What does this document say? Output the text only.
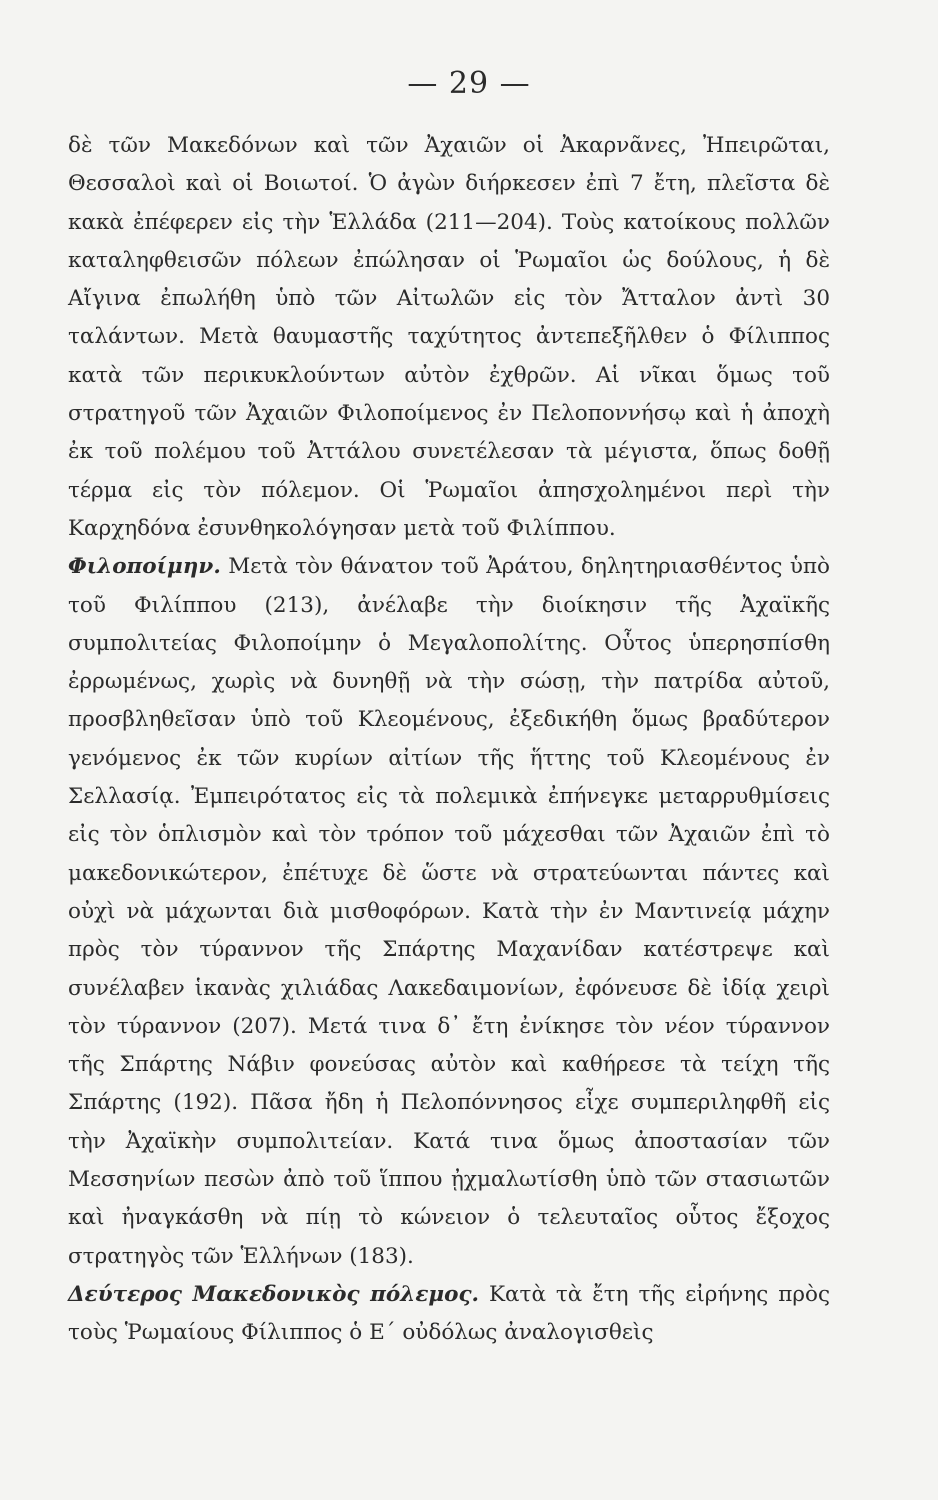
— 29 —

δὲ τῶν Μακεδόνων καὶ τῶν Ἀχαιῶν οἱ Ἀκαρνᾶνες, Ἠπειρῶται, Θεσσαλοὶ καὶ οἱ Βοιωτοί. Ὁ ἀγὼν διήρκεσεν ἐπὶ 7 ἔτη, πλεῖστα δὲ κακὰ ἐπέφερεν εἰς τὴν Ἑλλάδα (211—204). Τοὺς κατοίκους πολλῶν καταληφθεισῶν πόλεων ἐπώλησαν οἱ Ῥωμαῖοι ὡς δούλους, ἡ δὲ Αἴγινα ἐπωλήθη ὑπὸ τῶν Αἰτωλῶν εἰς τὸν Ἄτταλον ἀντὶ 30 ταλάντων. Μετὰ θαυμαστῆς ταχύτητος ἀντεπεξῆλθεν ὁ Φίλιππος κατὰ τῶν περικυκλούντων αὐτὸν ἐχθρῶν. Αἱ νῖκαι ὅμως τοῦ στρατηγοῦ τῶν Ἀχαιῶν Φιλοποίμενος ἐν Πελοποννήσῳ καὶ ἡ ἀποχὴ ἐκ τοῦ πολέμου τοῦ Ἀττάλου συνετέλεσαν τὰ μέγιστα, ὅπως δοθῇ τέρμα εἰς τὸν πόλεμον. Οἱ Ῥωμαῖοι ἀπησχολημένοι περὶ τὴν Καρχηδόνα ἐσυνθηκολόγησαν μετὰ τοῦ Φιλίππου.

Φιλοποίμην. Μετὰ τὸν θάνατον τοῦ Ἀράτου, δηλητηριασθέντος ὑπὸ τοῦ Φιλίππου (213), ἀνέλαβε τὴν διοίκησιν τῆς Ἀχαϊκῆς συμπολιτείας Φιλοποίμην ὁ Μεγαλοπολίτης. Οὗτος ὑπερησπίσθη ἐρρωμένως, χωρὶς νὰ δυνηθῇ νὰ τὴν σώσῃ, τὴν πατρίδα αὐτοῦ, προσβληθεῖσαν ὑπὸ τοῦ Κλεομένους, ἐξεδικήθη ὅμως βραδύτερον γενόμενος ἐκ τῶν κυρίων αἰτίων τῆς ἥττης τοῦ Κλεομένους ἐν Σελλασίᾳ. Ἐμπειρότατος εἰς τὰ πολεμικὰ ἐπήνεγκε μεταρρυθμίσεις εἰς τὸν ὁπλισμὸν καὶ τὸν τρόπον τοῦ μάχεσθαι τῶν Ἀχαιῶν ἐπὶ τὸ μακεδονικώτερον, ἐπέτυχε δὲ ὥστε νὰ στρατεύωνται πάντες καὶ οὐχὶ νὰ μάχωνται διὰ μισθοφόρων. Κατὰ τὴν ἐν Μαντινείᾳ μάχην πρὸς τὸν τύραννον τῆς Σπάρτης Μαχανίδαν κατέστρεψε καὶ συνέλαβεν ἱκανὰς χιλιάδας Λακεδαιμονίων, ἐφόνευσε δὲ ἰδίᾳ χειρὶ τὸν τύραννον (207). Μετά τινα δ᾽ ἔτη ἐνίκησε τὸν νέον τύραννον τῆς Σπάρτης Νάβιν φονεύσας αὐτὸν καὶ καθήρεσε τὰ τείχη τῆς Σπάρτης (192). Πᾶσα ἤδη ἡ Πελοπόννησος εἶχε συμπεριληφθῆ εἰς τὴν Ἀχαϊκὴν συμπολιτείαν. Κατά τινα ὅμως ἀποστασίαν τῶν Μεσσηνίων πεσὼν ἀπὸ τοῦ ἵππου ᾐχμαλωτίσθη ὑπὸ τῶν στασιωτῶν καὶ ἠναγκάσθη νὰ πίῃ τὸ κώνειον ὁ τελευταῖος οὗτος ἔξοχος στρατηγὸς τῶν Ἑλλήνων (183).

Δεύτερος Μακεδονικὸς πόλεμος. Κατὰ τὰ ἔτη τῆς εἰρήνης πρὸς τοὺς Ῥωμαίους Φίλιππος ὁ Ε΄ οὐδόλως ἀναλογισθεὶς
